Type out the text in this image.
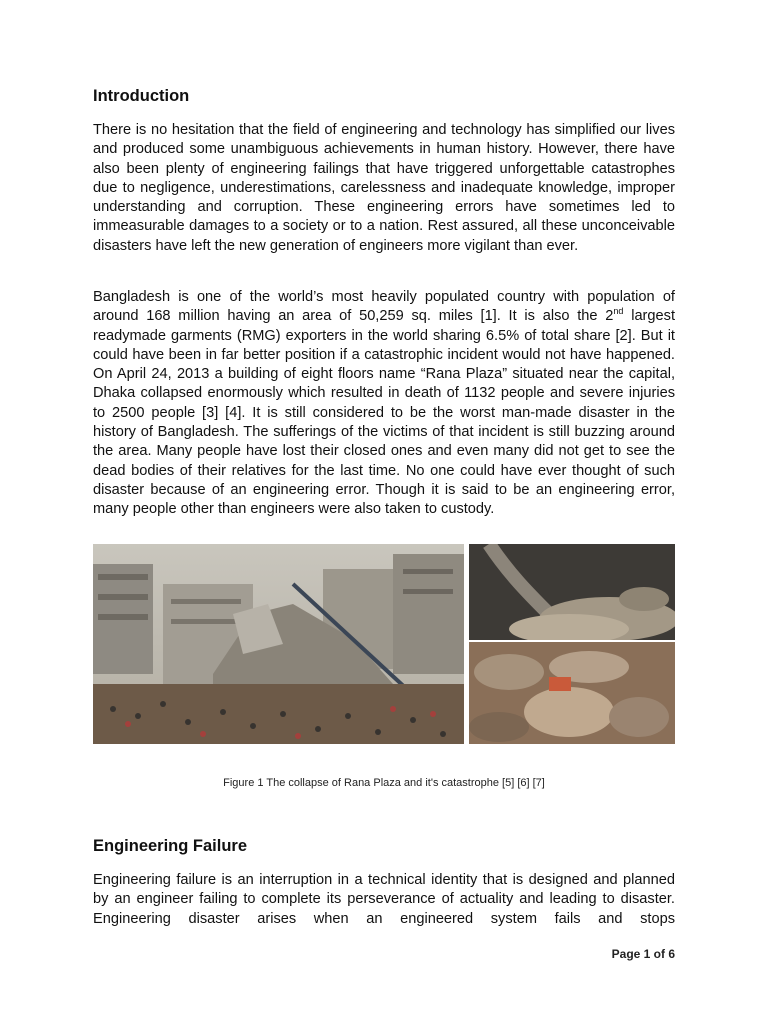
Introduction

There is no hesitation that the field of engineering and technology has simplified our lives and produced some unambiguous achievements in human history. However, there have also been plenty of engineering failings that have triggered unforgettable catastrophes due to negligence, underestimations, carelessness and inadequate knowledge, improper understanding and corruption. These engineering errors have sometimes led to immeasurable damages to a society or to a nation. Rest assured, all these unconceivable disasters have left the new generation of engineers more vigilant than ever.

Bangladesh is one of the world’s most heavily populated country with population of around 168 million having an area of 50,259 sq. miles [1]. It is also the 2nd largest readymade garments (RMG) exporters in the world sharing 6.5% of total share [2]. But it could have been in far better position if a catastrophic incident would not have happened. On April 24, 2013 a building of eight floors name “Rana Plaza” situated near the capital, Dhaka collapsed enormously which resulted in death of 1132 people and severe injuries to 2500 people [3] [4]. It is still considered to be the worst man-made disaster in the history of Bangladesh. The sufferings of the victims of that incident is still buzzing around the area. Many people have lost their closed ones and even many did not get to see the dead bodies of their relatives for the last time. No one could have ever thought of such disaster because of an engineering error. Though it is said to be an engineering error, many people other than engineers were also taken to custody.

Figure 1 The collapse of Rana Plaza and it's catastrophe [5] [6] [7]
Engineering Failure

Engineering failure is an interruption in a technical identity that is designed and planned by an engineer failing to complete its perseverance of actuality and leading to disaster. Engineering disaster arises when an engineered system fails and stops

Page 1 of 6
